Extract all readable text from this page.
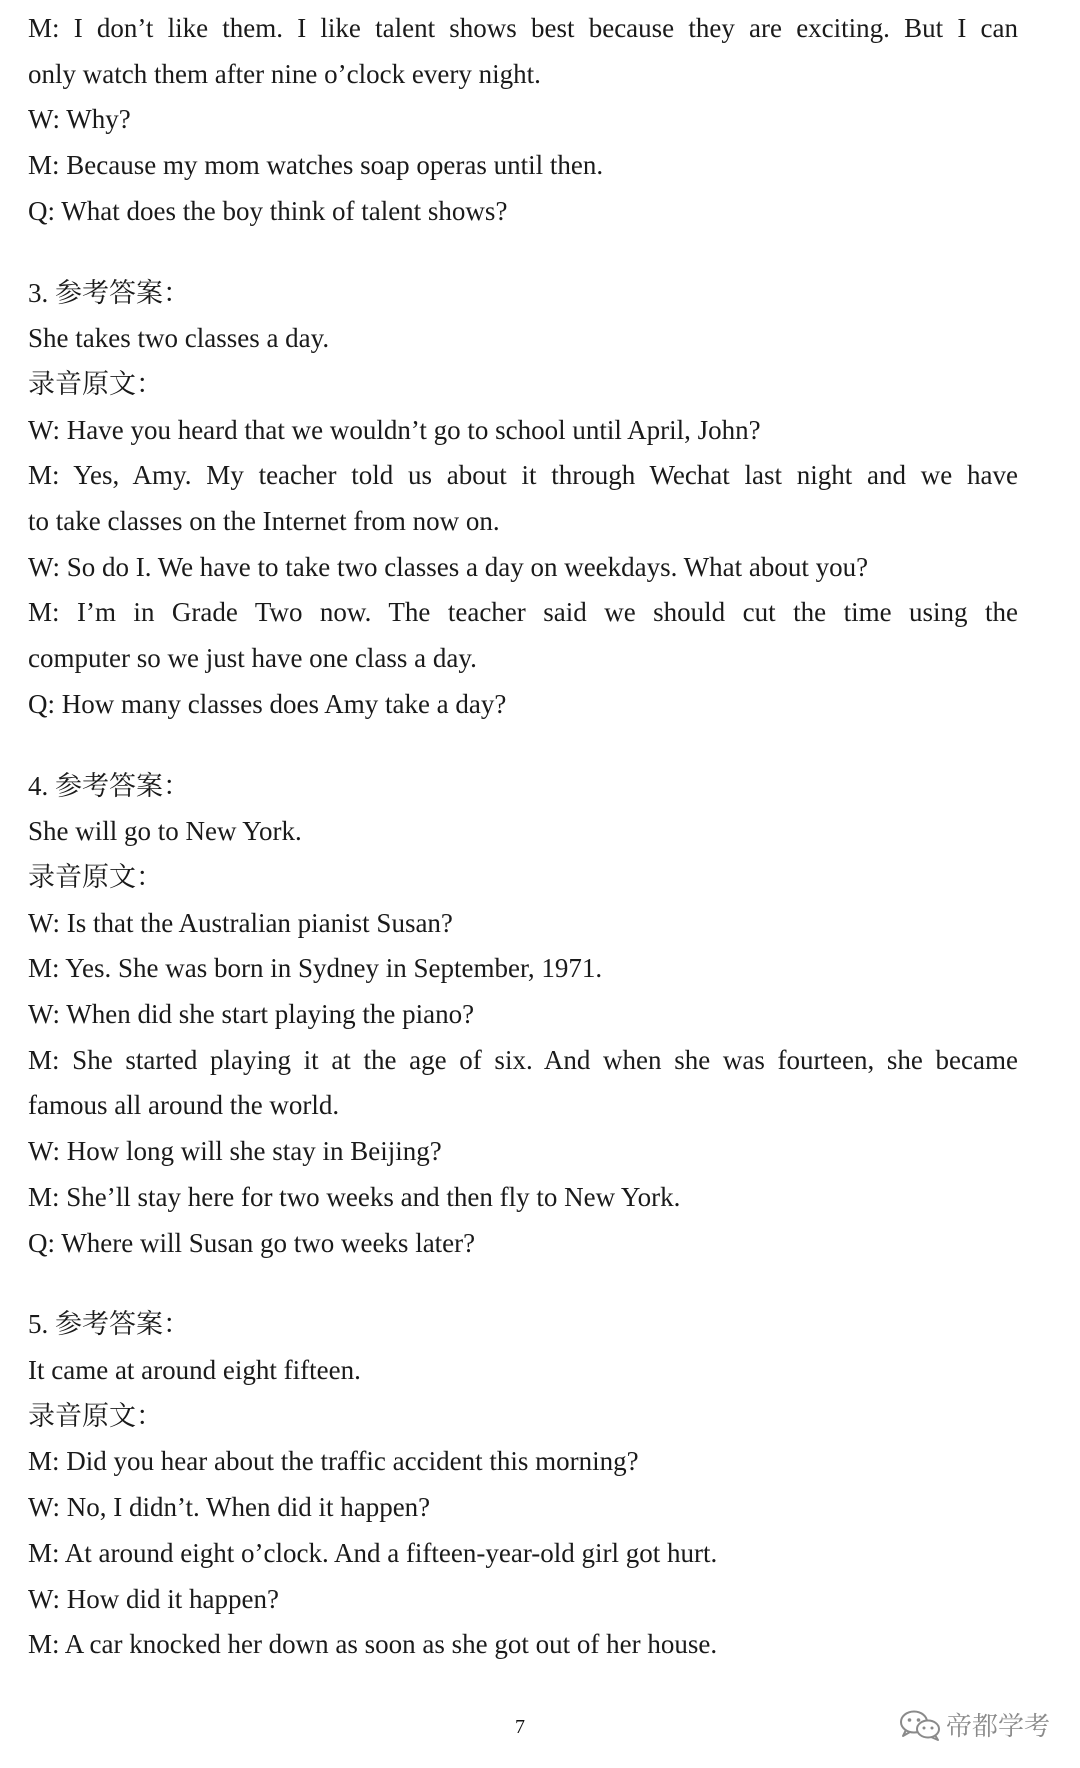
M: I don’t like them. I like talent shows best because they are exciting. But I can

only watch them after nine o’clock every night.

W: Why?

M: Because my mom watches soap operas until then.

Q: What does the boy think of talent shows?

3. 参考答案：

She takes two classes a day.

录音原文：

W: Have you heard that we wouldn’t go to school until April, John?

M: Yes, Amy. My teacher told us about it through Wechat last night and we have

to take classes on the Internet from now on.

W: So do I. We have to take two classes a day on weekdays. What about you?

M: I’m in Grade Two now. The teacher said we should cut the time using the

computer so we just have one class a day.

Q: How many classes does Amy take a day?

4. 参考答案：

She will go to New York.

录音原文：

W: Is that the Australian pianist Susan?

M: Yes. She was born in Sydney in September, 1971.

W: When did she start playing the piano?

M: She started playing it at the age of six. And when she was fourteen, she became

famous all around the world.

W: How long will she stay in Beijing?

M: She’ll stay here for two weeks and then fly to New York.

Q: Where will Susan go two weeks later?

5. 参考答案：

It came at around eight fifteen.

录音原文：

M: Did you hear about the traffic accident this morning?

W: No, I didn’t. When did it happen?

M: At around eight o’clock. And a fifteen-year-old girl got hurt.

W: How did it happen?

M: A car knocked her down as soon as she got out of her house.

7	帝都学考
